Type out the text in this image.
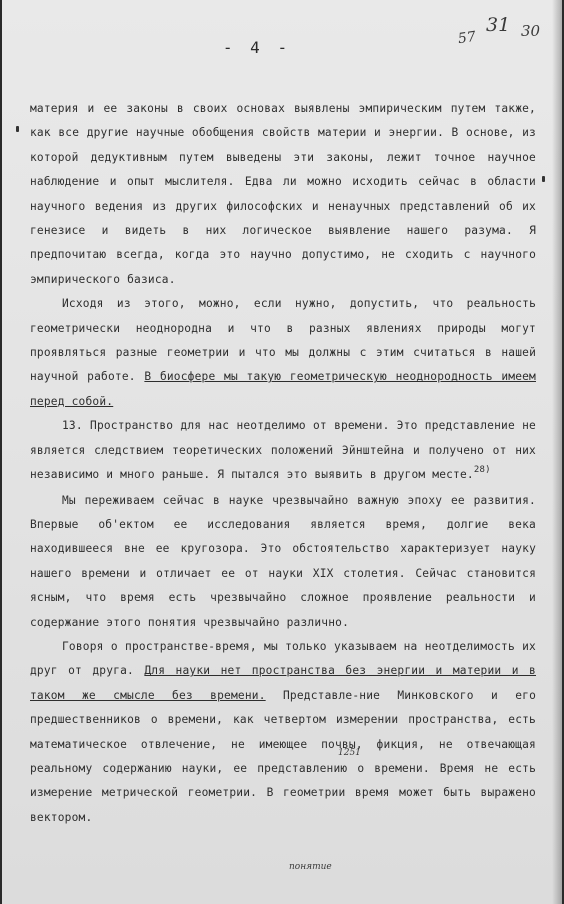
- 4 -	57
31 30

материя и ее законы в своих основах выявлены эмпирическим путем также, как все другие научные обобщения свойств материи и энергии. В основе, из которой дедуктивным путем выведены эти законы, лежит точное научное наблюдение и опыт мыслителя. Едва ли можно исходить сейчас в области научного ведения из других философских и ненаучных представлений об их генезисе и видеть в них логическое выявление нашего разума. Я предпочитаю всегда, когда это научно допустимо, не сходить с научного эмпирического базиса.

Исходя из этого, можно, если нужно, допустить, что реальность геометрически неоднородна и что в разных явлениях природы могут проявляться разные геометрии и что мы должны с этим считаться в нашей научной работе. В биосфере мы такую геометрическую неоднородность имеем перед собой.

13. Пространство для нас неотделимо от времени. Это представление не является следствием теоретических положений Эйнштейна и получено от них независимо и много раньше. Я пытался это выявить в другом месте.$^{28)}$

Мы переживаем сейчас в науке чрезвычайно важную эпоху ее развития. Впервые об'ектом ее исследования является время, долгие века находившееся вне ее кругозора. Это обстоятельство характеризует науку нашего времени и отличает ее от науки XIX столетия. Сейчас становится ясным, что время есть чрезвычайно сложное проявление реальности и содержание этого понятия чрезвычайно различно.

Говоря о пространстве-время, мы только указываем на неотделимость их друг от друга. Для науки нет пространства без энергии и материи и в таком же смысле без времени. Представле-ние Минковского и его предшественников о времени, как четвертом измерении пространства, есть математическое отвлечение, не имеющее почвы, фикция, не отвечающая реальному содержанию науки, ее представлению о времени. Время не есть измерение метрической геометрии. В геометрии время может быть выражено вектором.

1251
понятие
